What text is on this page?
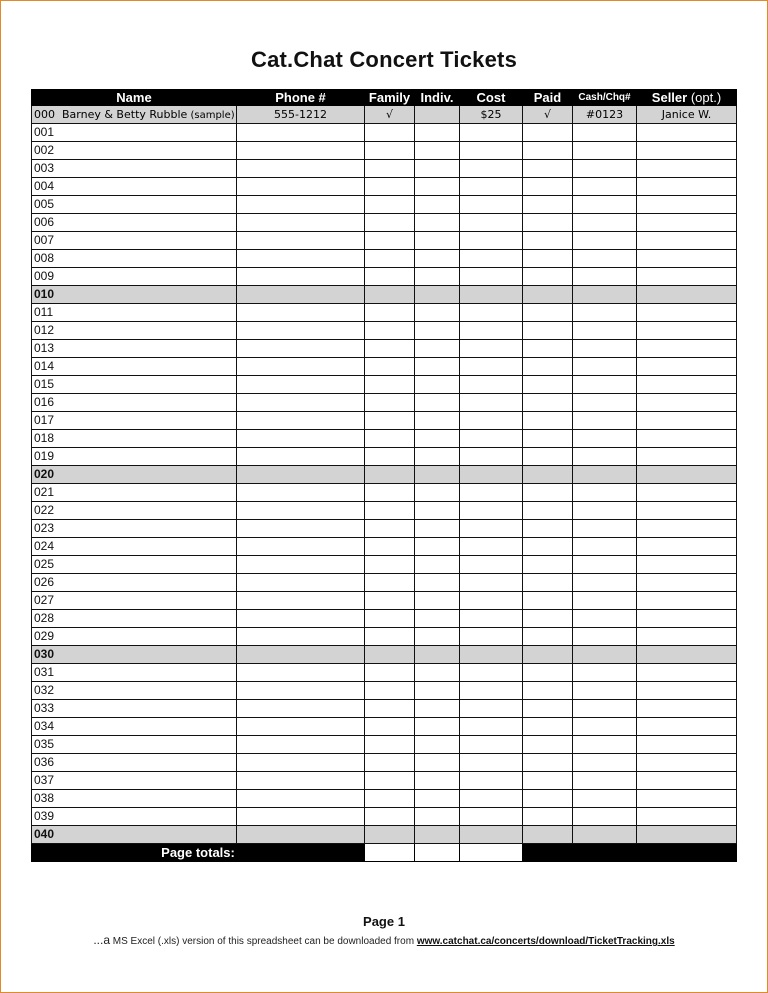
Cat.Chat Concert Tickets
Name	Phone #	Family	Indiv.	Cost	Paid	Cash/Chq#	Seller (opt.)
000 Barney & Betty Rubble (sample)	555-1212	√		$25	√	#0123	Janice W.
001							
002							
003							
004							
005							
006							
007							
008							
009							
010							
011							
012							
013							
014							
015							
016							
017							
018							
019							
020							
021							
022							
023							
024							
025							
026							
027							
028							
029							
030							
031							
032							
033							
034							
035							
036							
037							
038							
039							
040							
Page totals:							
Page 1
...a MS Excel (.xls) version of this spreadsheet can be downloaded from www.catchat.ca/concerts/download/TicketTracking.xls
